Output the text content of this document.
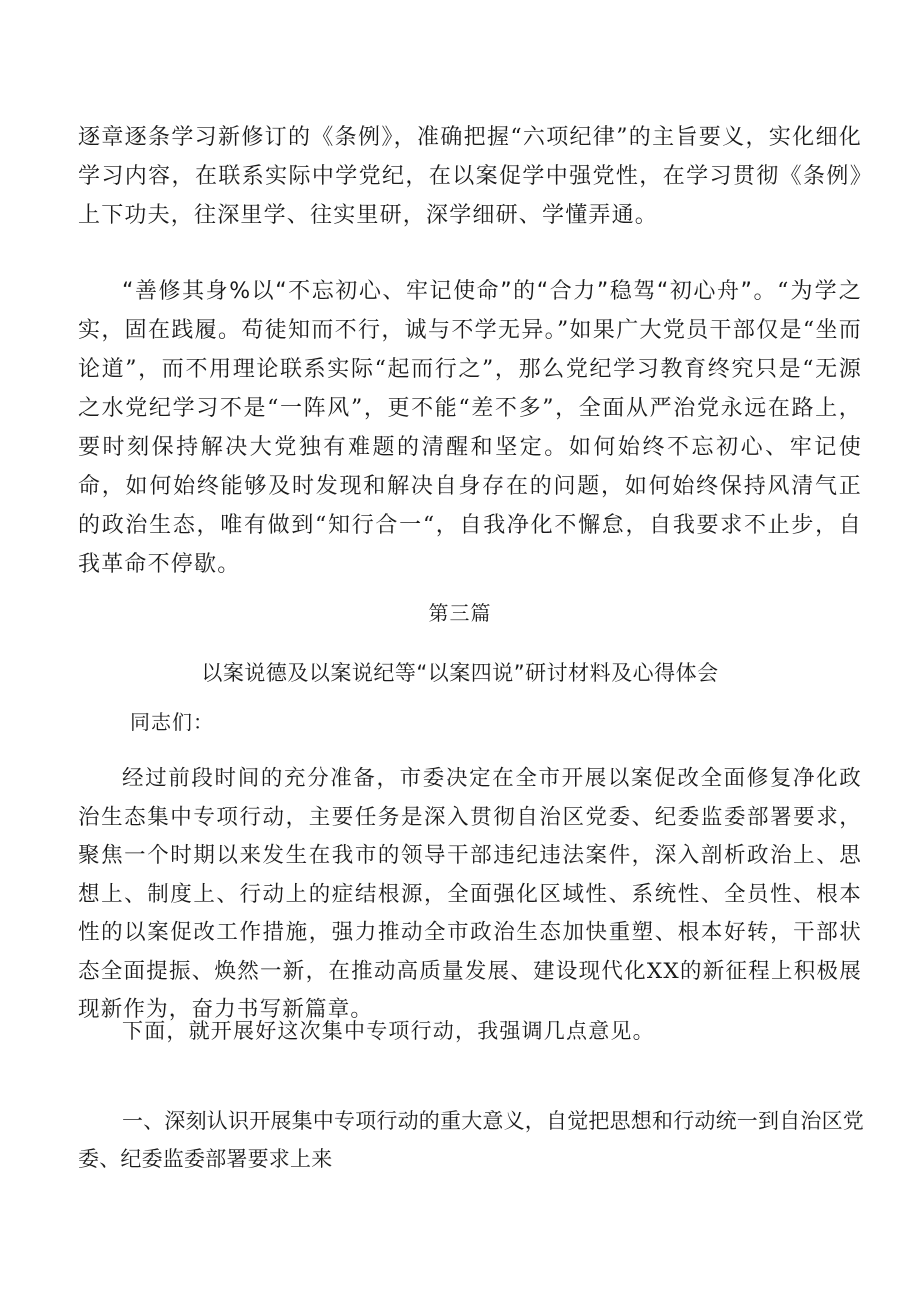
逐章逐条学习新修订的《条例》，准确把握“六项纪律”的主旨要义，实化细化学习内容，在联系实际中学党纪，在以案促学中强党性，在学习贯彻《条例》上下功夫，往深里学、往实里研，深学细研、学懂弄通。

“善修其身%以“不忘初心、牢记使命”的“合力”稳驾“初心舟”。“为学之实，固在践履。苟徒知而不行，诚与不学无异。”如果广大党员干部仅是“坐而论道”，而不用理论联系实际“起而行之”，那么党纪学习教育终究只是“无源之水党纪学习不是“一阵风”，更不能“差不多”，全面从严治党永远在路上，要时刻保持解决大党独有难题的清醒和坚定。如何始终不忘初心、牢记使命，如何始终能够及时发现和解决自身存在的问题，如何始终保持风清气正的政治生态，唯有做到“知行合一“，自我净化不懈怠，自我要求不止步，自我革命不停歇。

第三篇
以案说德及以案说纪等“以案四说”研讨材料及心得体会
同志们：

经过前段时间的充分准备，市委决定在全市开展以案促改全面修复净化政治生态集中专项行动，主要任务是深入贯彻自治区党委、纪委监委部署要求，聚焦一个时期以来发生在我市的领导干部违纪违法案件，深入剖析政治上、思想上、制度上、行动上的症结根源，全面强化区域性、系统性、全员性、根本性的以案促改工作措施，强力推动全市政治生态加快重塑、根本好转，干部状态全面提振、焕然一新，在推动高质量发展、建设现代化XX的新征程上积极展现新作为，奋力书写新篇章。

下面，就开展好这次集中专项行动，我强调几点意见。

一、深刻认识开展集中专项行动的重大意义，自觉把思想和行动统一到自治区党委、纪委监委部署要求上来
